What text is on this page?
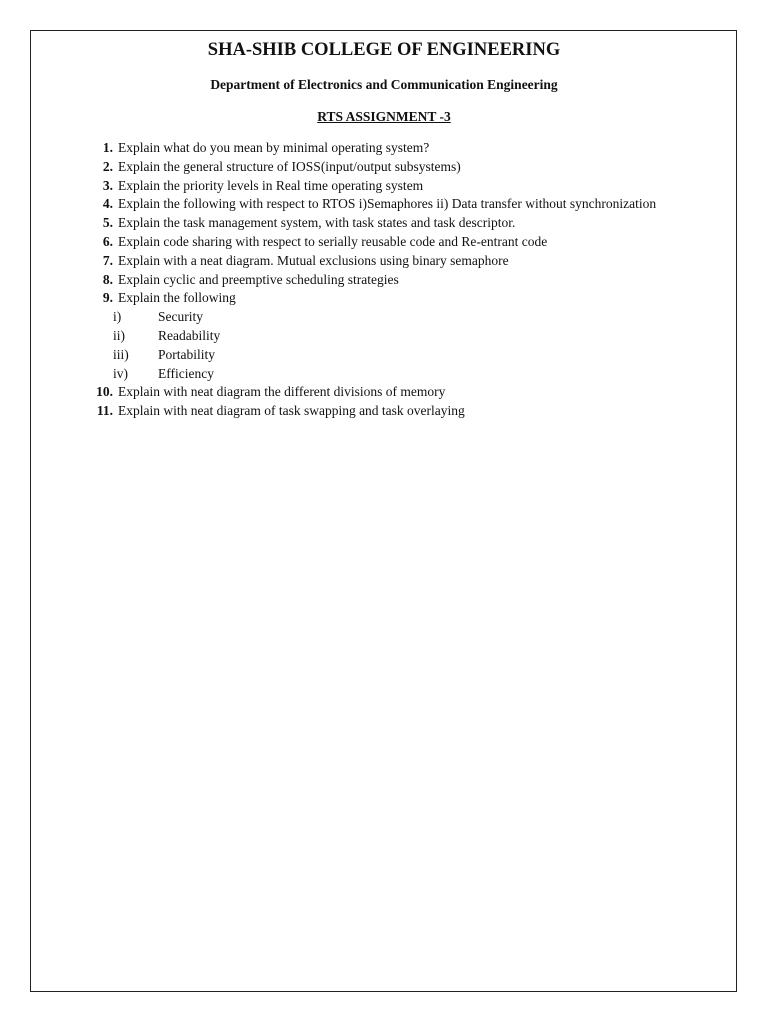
SHA-SHIB COLLEGE OF ENGINEERING
Department of Electronics and Communication Engineering
RTS ASSIGNMENT -3
1. Explain what do you mean by minimal operating system?
2. Explain the general structure of IOSS(input/output subsystems)
3. Explain the priority levels in Real time operating system
4. Explain the following with respect to RTOS i)Semaphores ii) Data transfer without synchronization
5. Explain the task management system, with task states and task descriptor.
6. Explain code sharing with respect to serially reusable code and Re-entrant code
7. Explain with a neat diagram. Mutual exclusions using binary semaphore
8. Explain cyclic and preemptive scheduling strategies
9. Explain the following
i)	Security
ii)	Readability
iii)	Portability
iv)	Efficiency
10. Explain with neat diagram the different divisions of memory
11. Explain with neat diagram of task swapping and task overlaying
